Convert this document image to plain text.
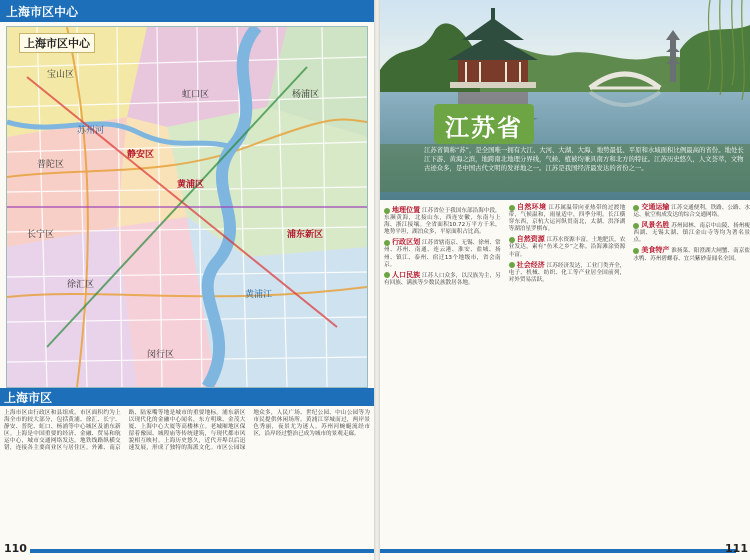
上海市区中心
上海市区中心
宝山区
普陀区
静安区
黄浦区
杨浦区
虹口区
徐汇区
长宁区	浦东新区
闵行区
黄浦江
苏州河
上海市区
上海市区由行政区和县组成。市区面积约为上海全市的较大部分，包括黄浦、徐汇、长宁、静安、普陀、虹口、杨浦等中心城区及浦东新区。上海是中国重要的经济、金融、贸易和航运中心，城市交通网络发达，地铁线路纵横交错，连接各主要商业区与居住区。外滩、南京路、陆家嘴等地是城市的重要地标。浦东新区以现代化的金融中心闻名，东方明珠、金茂大厦、上海中心大厦等高楼林立。老城厢地区保留着豫园、城隍庙等传统建筑，与现代都市风貌相互映衬。上海历史悠久，近代开埠以后迅速发展，形成了独特的海派文化。市区公园绿地众多，人民广场、世纪公园、中山公园等为市民提供休闲场所。黄浦江穿城而过，两岸景色秀丽，夜景尤为迷人。苏州河蜿蜒流经市区，沿岸经过整治已成为城市的景观走廊。
110
江苏省
江苏省简称“苏”，是全国唯一拥有大江、大河、大湖、大海、地势最低、平原和水域面积比例最高的省份。地处长江下游、黄海之滨，地跨南北地理分界线，气候、植被均兼具南方和北方的特征。江苏历史悠久，人文荟萃，文物古迹众多，是中国古代文明的发祥地之一。江苏是我国经济最发达的省份之一。
地理位置 江苏省位于我国东部沿海中段，东濒黄海，北接山东，西连安徽，东南与上海、浙江接壤。全省面积10.72万平方千米，地势平坦，湖泊众多，平原面积占比高。
行政区划 江苏省辖南京、无锡、徐州、常州、苏州、南通、连云港、淮安、盐城、扬州、镇江、泰州、宿迁13个地级市，省会南京。
人口民族 江苏人口众多，以汉族为主，另有回族、满族等少数民族散居各地。
自然环境 江苏属温带向亚热带的过渡地带，气候温和，雨量适中，四季分明。长江横穿东西，京杭大运河纵贯南北，太湖、洪泽湖等湖泊星罗棋布。
自然资源 江苏水资源丰富，土地肥沃，农业发达，素有“鱼米之乡”之称。沿海滩涂资源丰富。
社会经济 江苏经济发达，工业门类齐全，电子、机械、纺织、化工等产业居全国前列，对外贸易活跃。
交通运输 江苏交通便利，铁路、公路、水运、航空构成发达的综合交通网络。
风景名胜 苏州园林、南京中山陵、扬州瘦西湖、无锡太湖、镇江金山寺等均为著名景点。
美食特产 淮扬菜、阳澄湖大闸蟹、南京盐水鸭、苏州碧螺春、宜兴紫砂壶闻名全国。
111
